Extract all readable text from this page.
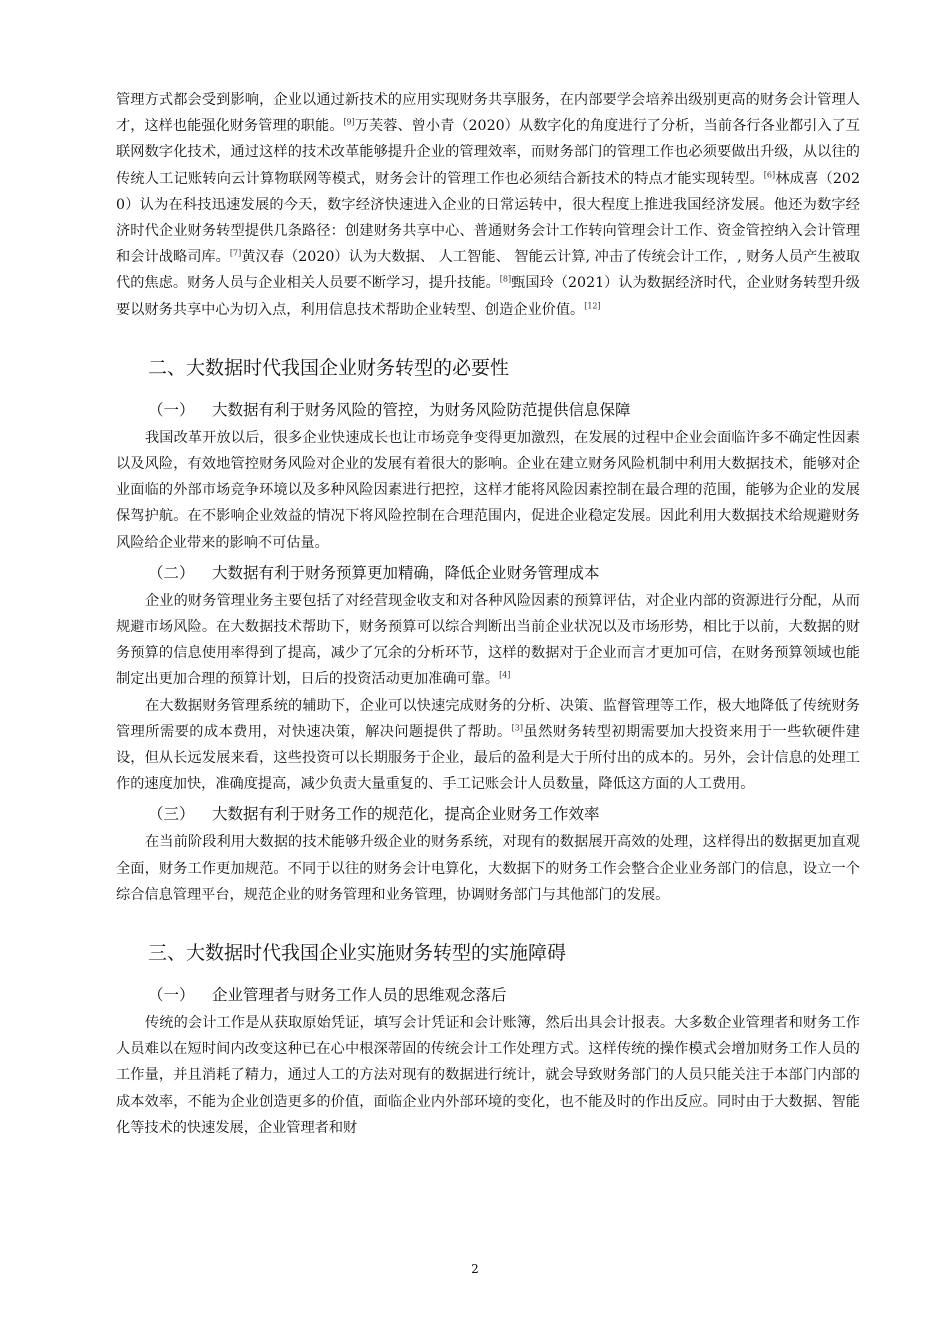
管理方式都会受到影响，企业以通过新技术的应用实现财务共享服务，在内部要学会培养出级别更高的财务会计管理人才，这样也能强化财务管理的职能。[9]万芙蓉、曾小青（2020）从数字化的角度进行了分析，当前各行各业都引入了互联网数字化技术，通过这样的技术改革能够提升企业的管理效率，而财务部门的管理工作也必须要做出升级，从以往的传统人工记账转向云计算物联网等模式，财务会计的管理工作也必须结合新技术的特点才能实现转型。[6]林成喜（2020）认为在科技迅速发展的今天，数字经济快速进入企业的日常运转中，很大程度上推进我国经济发展。他还为数字经济时代企业财务转型提供几条路径：创建财务共享中心、普通财务会计工作转向管理会计工作、资金管控纳入会计管理和会计战略司库。[7]黄汉春（2020）认为大数据、 人工智能、 智能云计算, 冲击了传统会计工作，, 财务人员产生被取代的焦虑。财务人员与企业相关人员要不断学习，提升技能。[8]甄国玲（2021）认为数据经济时代，企业财务转型升级要以财务共享中心为切入点，利用信息技术帮助企业转型、创造企业价值。[12]

二、大数据时代我国企业财务转型的必要性
（一）	大数据有利于财务风险的管控，为财务风险防范提供信息保障

我国改革开放以后，很多企业快速成长也让市场竞争变得更加激烈，在发展的过程中企业会面临许多不确定性因素以及风险，有效地管控财务风险对企业的发展有着很大的影响。企业在建立财务风险机制中利用大数据技术，能够对企业面临的外部市场竞争环境以及多种风险因素进行把控，这样才能将风险因素控制在最合理的范围，能够为企业的发展保驾护航。在不影响企业效益的情况下将风险控制在合理范围内，促进企业稳定发展。因此利用大数据技术给规避财务风险给企业带来的影响不可估量。

（二）	大数据有利于财务预算更加精确，降低企业财务管理成本

企业的财务管理业务主要包括了对经营现金收支和对各种风险因素的预算评估，对企业内部的资源进行分配，从而规避市场风险。在大数据技术帮助下，财务预算可以综合判断出当前企业状况以及市场形势，相比于以前，大数据的财务预算的信息使用率得到了提高，减少了冗余的分析环节，这样的数据对于企业而言才更加可信，在财务预算领域也能制定出更加合理的预算计划，日后的投资活动更加准确可靠。[4]

在大数据财务管理系统的辅助下，企业可以快速完成财务的分析、决策、监督管理等工作，极大地降低了传统财务管理所需要的成本费用，对快速决策，解决问题提供了帮助。[3]虽然财务转型初期需要加大投资来用于一些软硬件建设，但从长远发展来看，这些投资可以长期服务于企业，最后的盈利是大于所付出的成本的。另外，会计信息的处理工作的速度加快，准确度提高，减少负责大量重复的、手工记账会计人员数量，降低这方面的人工费用。

（三）	大数据有利于财务工作的规范化，提高企业财务工作效率

在当前阶段利用大数据的技术能够升级企业的财务系统，对现有的数据展开高效的处理，这样得出的数据更加直观全面，财务工作更加规范。不同于以往的财务会计电算化，大数据下的财务工作会整合企业业务部门的信息，设立一个综合信息管理平台，规范企业的财务管理和业务管理，协调财务部门与其他部门的发展。

三、大数据时代我国企业实施财务转型的实施障碍
（一）	企业管理者与财务工作人员的思维观念落后

传统的会计工作是从获取原始凭证，填写会计凭证和会计账簿，然后出具会计报表。大多数企业管理者和财务工作人员难以在短时间内改变这种已在心中根深蒂固的传统会计工作处理方式。这样传统的操作模式会增加财务工作人员的工作量，并且消耗了精力，通过人工的方法对现有的数据进行统计，就会导致财务部门的人员只能关注于本部门内部的成本效率，不能为企业创造更多的价值，面临企业内外部环境的变化，也不能及时的作出反应。同时由于大数据、智能化等技术的快速发展，企业管理者和财

2
